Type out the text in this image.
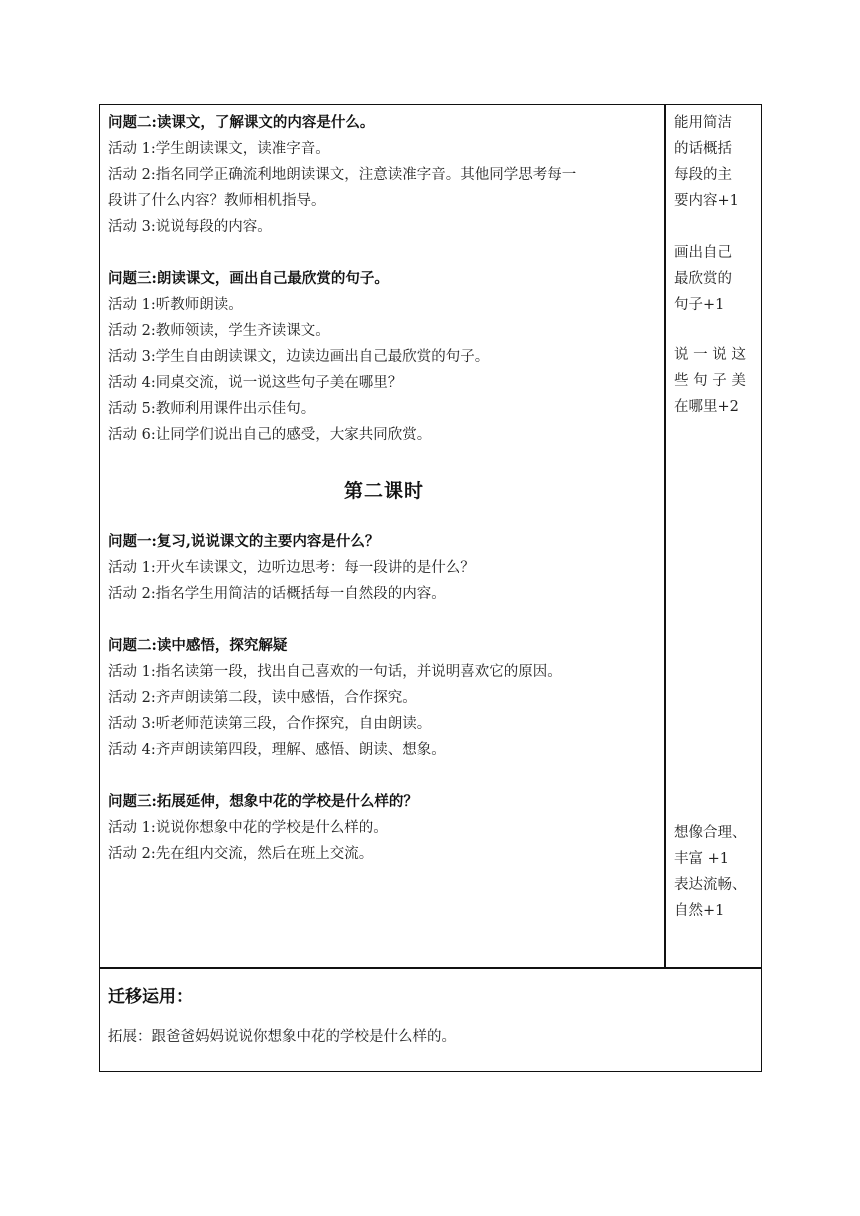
问题二:读课文，了解课文的内容是什么。
活动 1:学生朗读课文，读准字音。
活动 2:指名同学正确流利地朗读课文，注意读准字音。其他同学思考每一
段讲了什么内容？教师相机指导。
活动 3:说说每段的内容。
问题三:朗读课文，画出自己最欣赏的句子。
活动 1:听教师朗读。
活动 2:教师领读，学生齐读课文。
活动 3:学生自由朗读课文，边读边画出自己最欣赏的句子。
活动 4:同桌交流，说一说这些句子美在哪里？
活动 5:教师利用课件出示佳句。
活动 6:让同学们说出自己的感受，大家共同欣赏。
第二课时
问题一:复习,说说课文的主要内容是什么？
活动 1:开火车读课文，边听边思考：每一段讲的是什么？
活动 2:指名学生用简洁的话概括每一自然段的内容。
问题二:读中感悟，探究解疑
活动 1:指名读第一段，找出自己喜欢的一句话，并说明喜欢它的原因。
活动 2:齐声朗读第二段，读中感悟，合作探究。
活动 3:听老师范读第三段，合作探究，自由朗读。
活动 4:齐声朗读第四段，理解、感悟、朗读、想象。
问题三:拓展延伸，想象中花的学校是什么样的？
活动 1:说说你想象中花的学校是什么样的。
活动 2:先在组内交流，然后在班上交流。
能用简洁
的话概括
每段的主
要内容+1
画出自己
最欣赏的
句子+1
说 一 说 这
些 句 子 美
在哪里+2
想像合理、
丰富 +1
表达流畅、
自然+1
迁移运用：
拓展：跟爸爸妈妈说说你想象中花的学校是什么样的。
